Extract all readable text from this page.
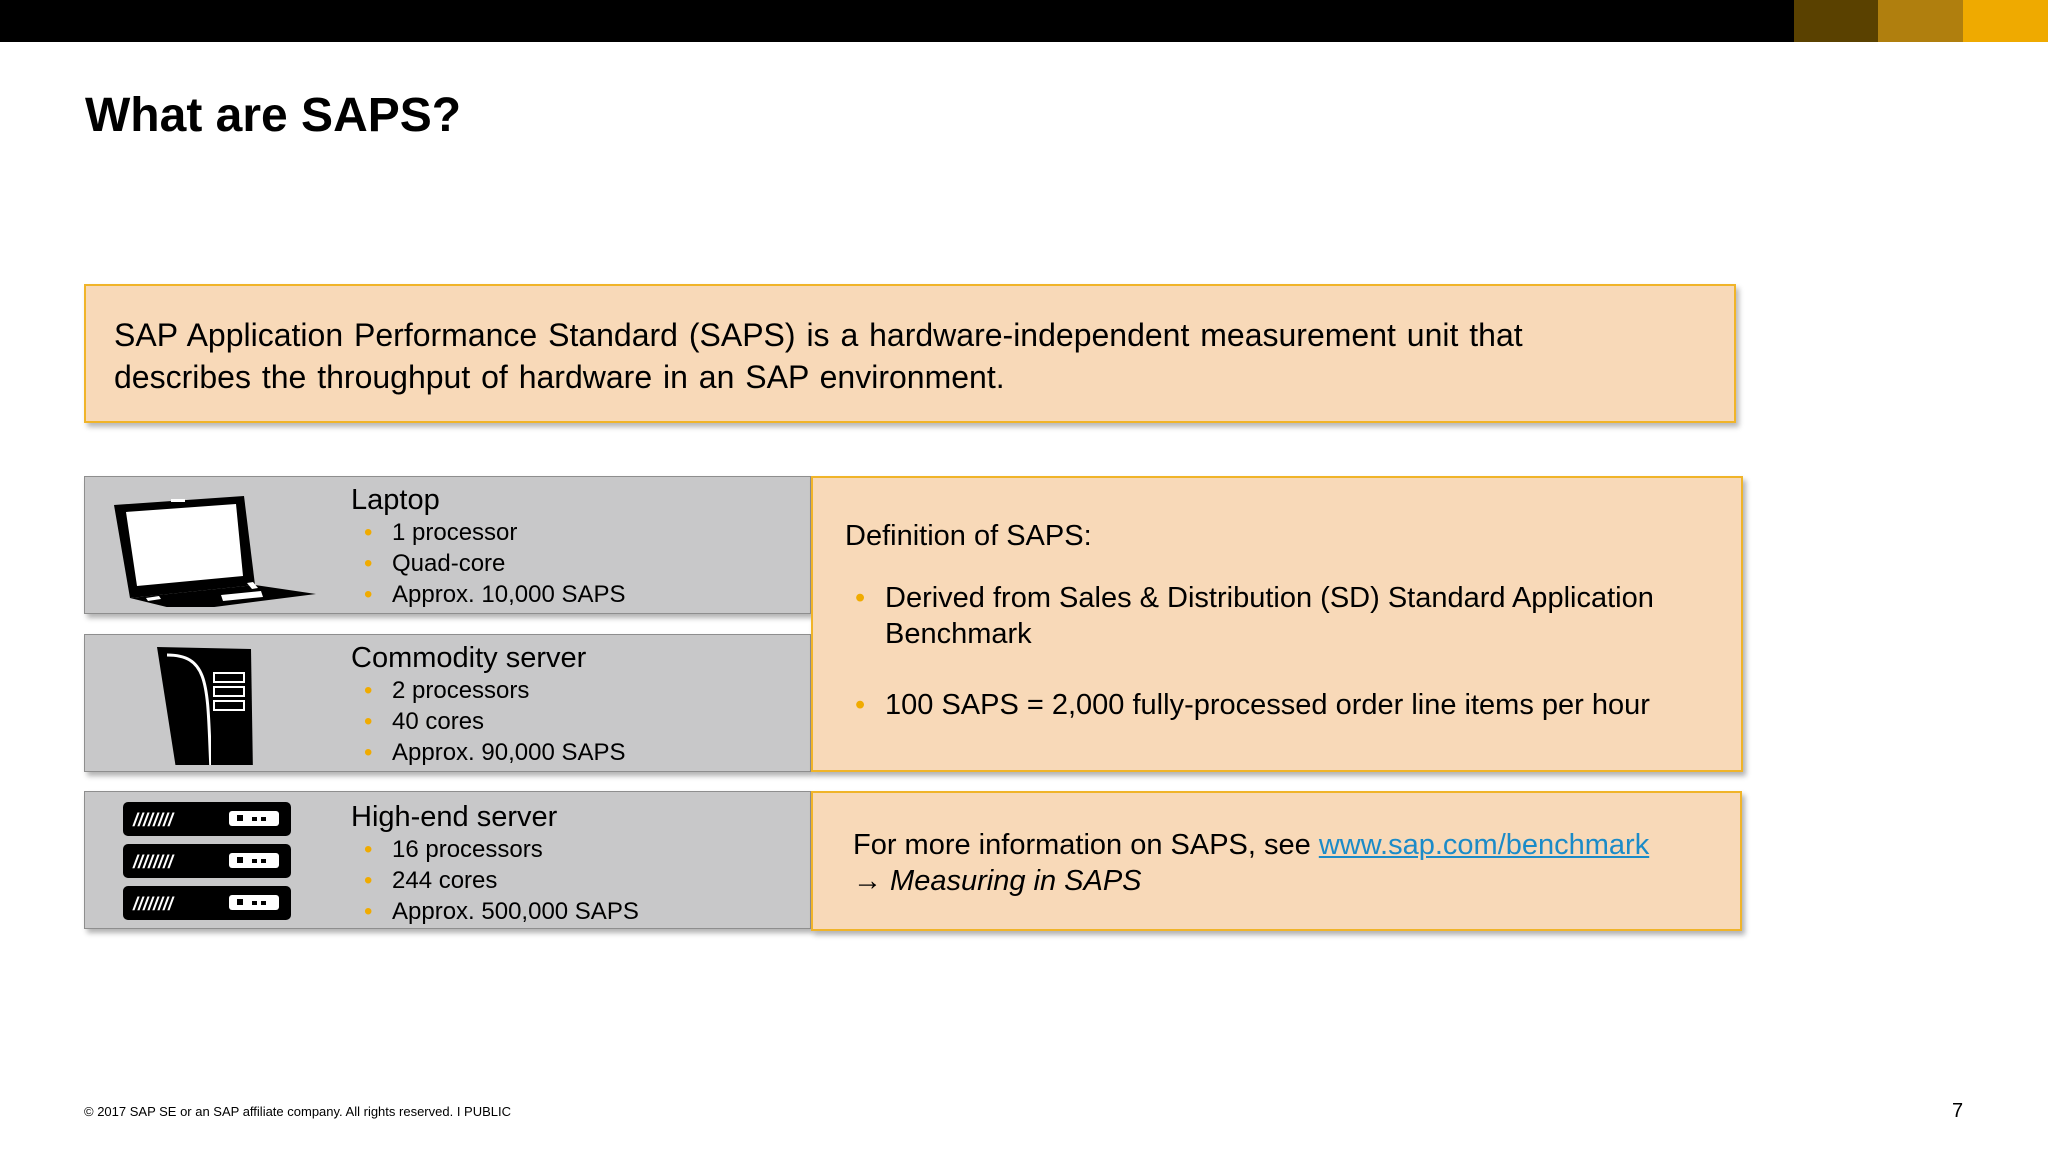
What are SAPS?
SAP Application Performance Standard (SAPS) is a hardware-independent measurement unit that
describes the throughput of hardware in an SAP environment.
Laptop
• 1 processor
• Quad-core
• Approx. 10,000 SAPS
Commodity server
• 2 processors
• 40 cores
• Approx. 90,000 SAPS
////////
////////
////////
High-end server
• 16 processors
• 244 cores
• Approx. 500,000 SAPS
Definition of SAPS:
• Derived from Sales & Distribution (SD) Standard Application Benchmark
• 100 SAPS = 2,000 fully-processed order line items per hour
For more information on SAPS, see www.sap.com/benchmark
→ Measuring in SAPS
© 2017 SAP SE or an SAP affiliate company. All rights reserved. I PUBLIC	7
